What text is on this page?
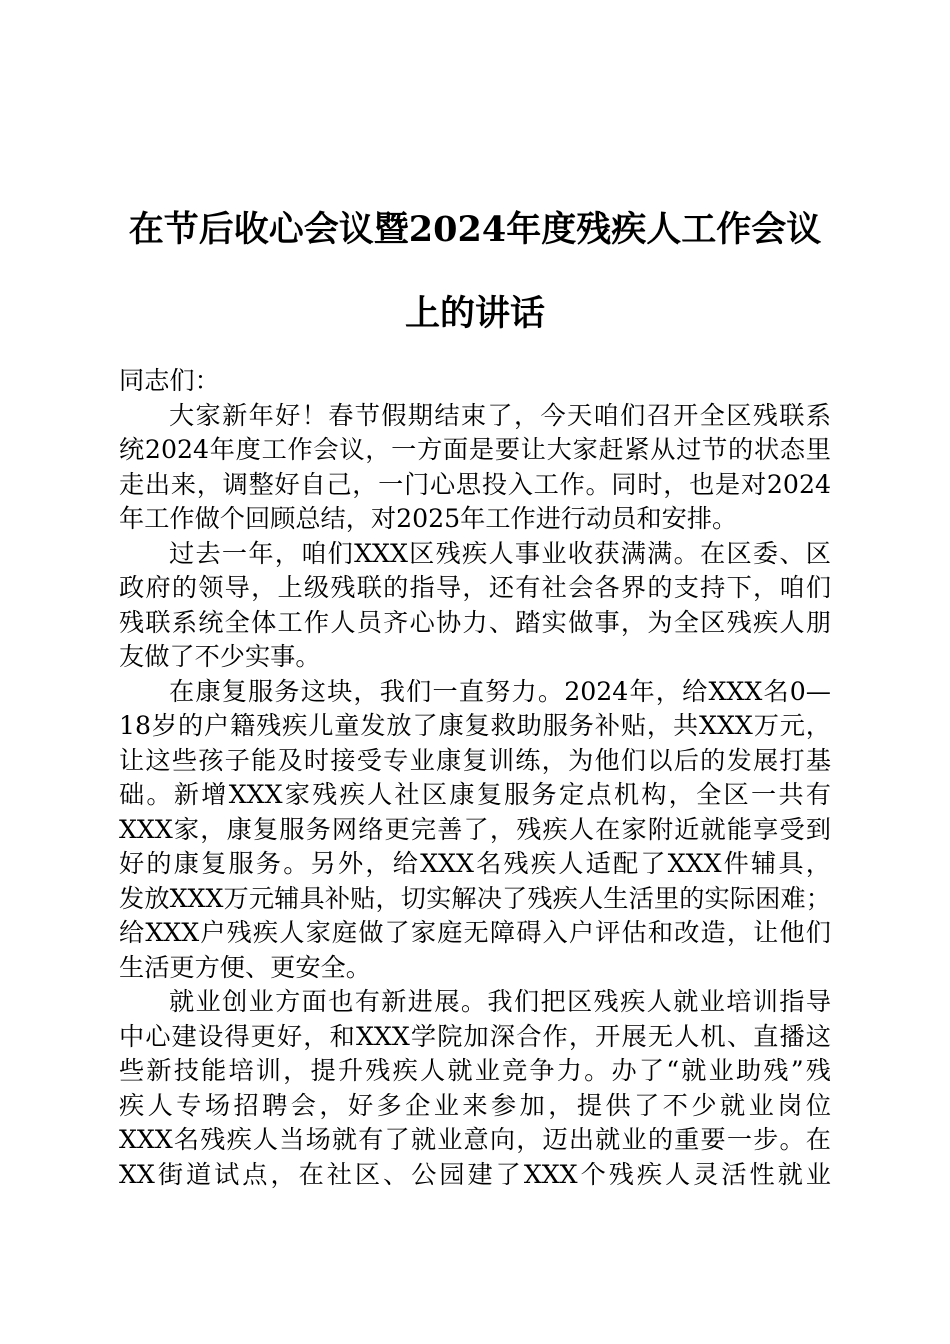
在节后收心会议暨2024年度残疾人工作会议
上的讲话
同志们：

大家新年好！春节假期结束了，今天咱们召开全区残联系
统2024年度工作会议，一方面是要让大家赶紧从过节的状态里
走出来，调整好自己，一门心思投入工作。同时，也是对2024
年工作做个回顾总结，对2025年工作进行动员和安排。

过去一年，咱们XXX区残疾人事业收获满满。在区委、区
政府的领导，上级残联的指导，还有社会各界的支持下，咱们
残联系统全体工作人员齐心协力、踏实做事，为全区残疾人朋
友做了不少实事。

在康复服务这块，我们一直努力。2024年，给XXX名0—
18岁的户籍残疾儿童发放了康复救助服务补贴，共XXX万元，
让这些孩子能及时接受专业康复训练，为他们以后的发展打基
础。新增XXX家残疾人社区康复服务定点机构，全区一共有
XXX家，康复服务网络更完善了，残疾人在家附近就能享受到
好的康复服务。另外，给XXX名残疾人适配了XXX件辅具，
发放XXX万元辅具补贴，切实解决了残疾人生活里的实际困难；
给XXX户残疾人家庭做了家庭无障碍入户评估和改造，让他们
生活更方便、更安全。

就业创业方面也有新进展。我们把区残疾人就业培训指导
中心建设得更好，和XXX学院加深合作，开展无人机、直播这
些新技能培训，提升残疾人就业竞争力。办了“就业助残”残
疾人专场招聘会，好多企业来参加，提供了不少就业岗位
XXX名残疾人当场就有了就业意向，迈出就业的重要一步。在
XX街道试点，在社区、公园建了XXX个残疾人灵活性就业
